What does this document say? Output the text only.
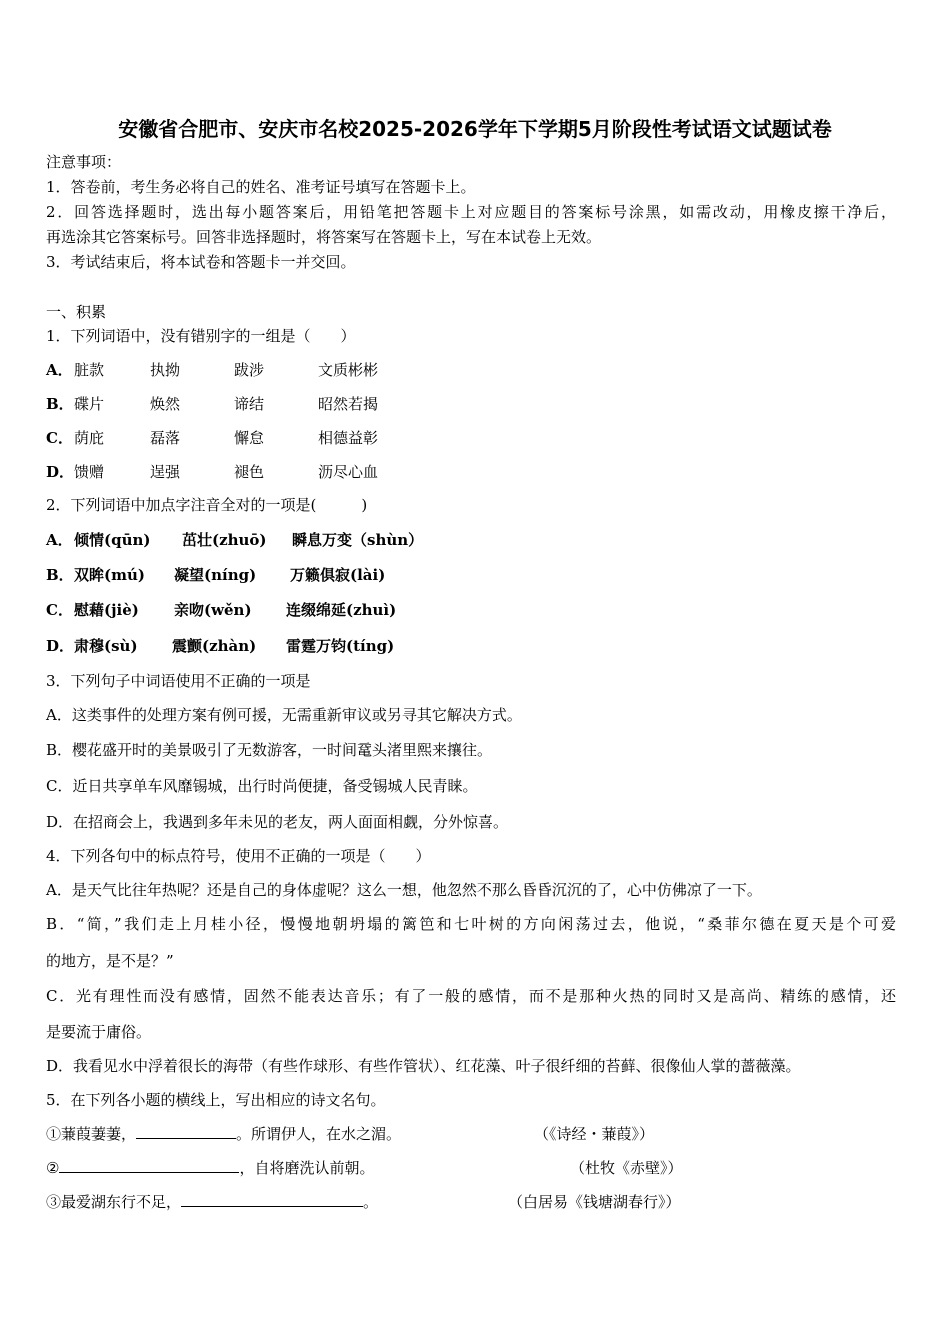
安徽省合肥市、安庆市名校2025-2026学年下学期5月阶段性考试语文试题试卷
注意事项：
1．答卷前，考生务必将自己的姓名、准考证号填写在答题卡上。
2．回答选择题时，选出每小题答案后，用铅笔把答题卡上对应题目的答案标号涂黑，如需改动，用橡皮擦干净后，
再选涂其它答案标号。回答非选择题时，将答案写在答题卡上，写在本试卷上无效。
3．考试结束后，将本试卷和答题卡一并交回。
一、积累
1．下列词语中，没有错别字的一组是（　　）
A． 脏款	执拗	跋涉	文质彬彬
B． 碟片	焕然	谛结	昭然若揭
C． 荫庇	磊落	懈怠	相德益彰
D． 馈赠	逞强	褪色	沥尽心血
2．下列词语中加点字注音全对的一项是(　　　)
A． 倾情(qūn) 茁壮(zhuō) 瞬息万变（shùn）
B． 双眸(mú) 凝望(níng) 万籁俱寂(lài)
C． 慰藉(jiè) 亲吻(wěn) 连缀绵延(zhuì)
D． 肃穆(sù) 震颤(zhàn) 雷霆万钧(tíng)
3．下列句子中词语使用不正确的一项是
A．这类事件的处理方案有例可援，无需重新审议或另寻其它解决方式。
B．樱花盛开时的美景吸引了无数游客，一时间鼋头渚里熙来攘往。
C．近日共享单车风靡锡城，出行时尚便捷，备受锡城人民青睐。
D．在招商会上，我遇到多年未见的老友，两人面面相觑，分外惊喜。
4．下列各句中的标点符号，使用不正确的一项是（　　）
A．是天气比往年热呢？还是自己的身体虚呢？这么一想，他忽然不那么昏昏沉沉的了，心中仿佛凉了一下。
B．“简，”我们走上月桂小径，慢慢地朝坍塌的篱笆和七叶树的方向闲荡过去，他说，“桑菲尔德在夏天是个可爱
的地方，是不是？”
C．光有理性而没有感情，固然不能表达音乐；有了一般的感情，而不是那种火热的同时又是高尚、精练的感情，还
是要流于庸俗。
D．我看见水中浮着很长的海带（有些作球形、有些作管状）、红花藻、叶子很纤细的苔藓、很像仙人掌的蔷薇藻。
5．在下列各小题的横线上，写出相应的诗文名句。
①蒹葭萋萋，	。所谓伊人，在水之湄。	（《诗经・蒹葭》）
②	，自将磨洗认前朝。	（杜牧《赤壁》）
③最爱湖东行不足，	。	（白居易《钱塘湖春行》）
